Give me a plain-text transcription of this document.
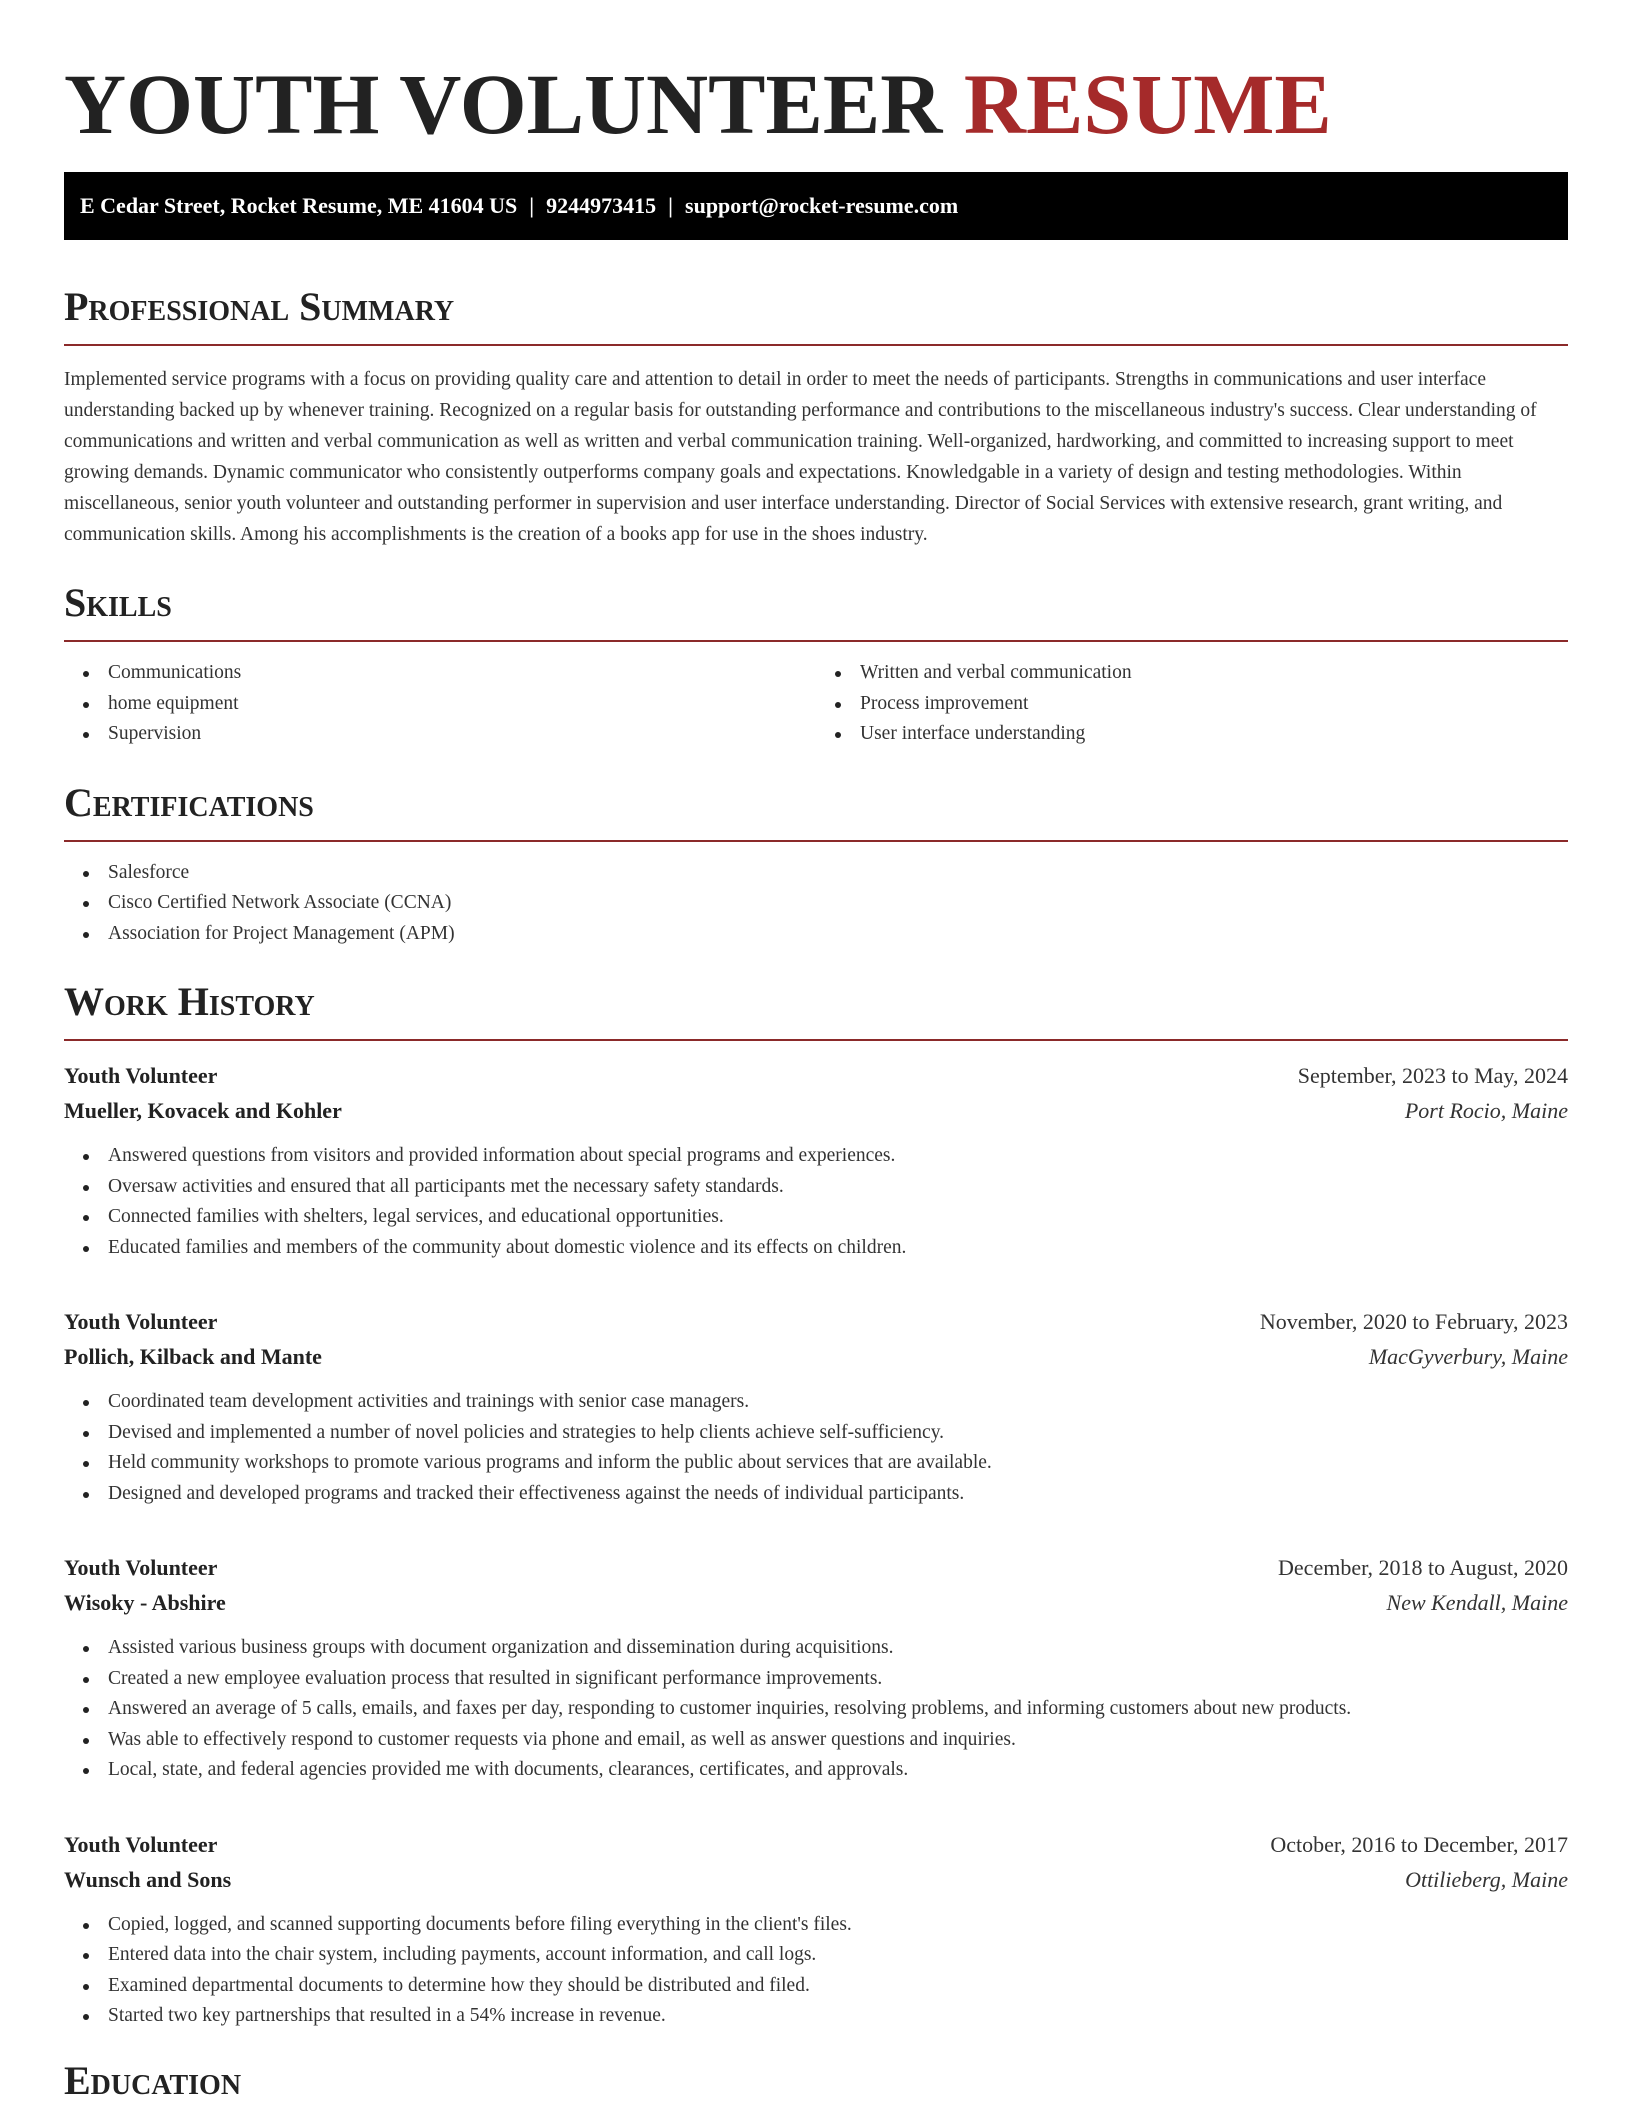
YOUTH VOLUNTEER RESUME
E Cedar Street, Rocket Resume, ME 41604 US | 9244973415 | support@rocket-resume.com
Professional Summary

Implemented service programs with a focus on providing quality care and attention to detail in order to meet the needs of participants. Strengths in communications and user interface understanding backed up by whenever training. Recognized on a regular basis for outstanding performance and contributions to the miscellaneous industry's success. Clear understanding of communications and written and verbal communication as well as written and verbal communication training. Well-organized, hardworking, and committed to increasing support to meet growing demands. Dynamic communicator who consistently outperforms company goals and expectations. Knowledgable in a variety of design and testing methodologies. Within miscellaneous, senior youth volunteer and outstanding performer in supervision and user interface understanding. Director of Social Services with extensive research, grant writing, and communication skills. Among his accomplishments is the creation of a books app for use in the shoes industry.

Skills
Communications
home equipment
Supervision
Written and verbal communication
Process improvement
User interface understanding
Certifications
Salesforce
Cisco Certified Network Associate (CCNA)
Association for Project Management (APM)
Work History
Youth Volunteer	September, 2023 to May, 2024
Mueller, Kovacek and Kohler	Port Rocio, Maine
Answered questions from visitors and provided information about special programs and experiences.
Oversaw activities and ensured that all participants met the necessary safety standards.
Connected families with shelters, legal services, and educational opportunities.
Educated families and members of the community about domestic violence and its effects on children.
Youth Volunteer	November, 2020 to February, 2023
Pollich, Kilback and Mante	MacGyverbury, Maine
Coordinated team development activities and trainings with senior case managers.
Devised and implemented a number of novel policies and strategies to help clients achieve self-sufficiency.
Held community workshops to promote various programs and inform the public about services that are available.
Designed and developed programs and tracked their effectiveness against the needs of individual participants.
Youth Volunteer	December, 2018 to August, 2020
Wisoky - Abshire	New Kendall, Maine
Assisted various business groups with document organization and dissemination during acquisitions.
Created a new employee evaluation process that resulted in significant performance improvements.
Answered an average of 5 calls, emails, and faxes per day, responding to customer inquiries, resolving problems, and informing customers about new products.
Was able to effectively respond to customer requests via phone and email, as well as answer questions and inquiries.
Local, state, and federal agencies provided me with documents, clearances, certificates, and approvals.
Youth Volunteer	October, 2016 to December, 2017
Wunsch and Sons	Ottilieberg, Maine
Copied, logged, and scanned supporting documents before filing everything in the client's files.
Entered data into the chair system, including payments, account information, and call logs.
Examined departmental documents to determine how they should be distributed and filed.
Started two key partnerships that resulted in a 54% increase in revenue.
Education
